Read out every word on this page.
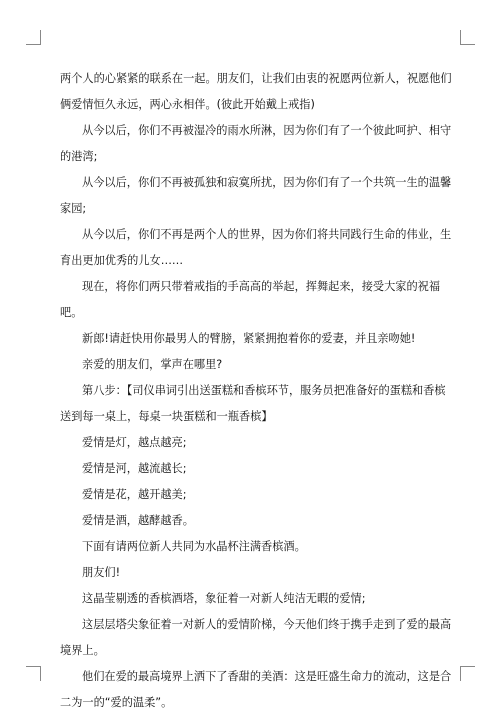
两个人的心紧紧的联系在一起。朋友们，让我们由衷的祝愿两位新人，祝愿他们俩爱情恒久永远，两心永相伴。(彼此开始戴上戒指)

从今以后，你们不再被湿冷的雨水所淋，因为你们有了一个彼此呵护、相守的港湾;

从今以后，你们不再被孤独和寂寞所扰，因为你们有了一个共筑一生的温馨家园;

从今以后，你们不再是两个人的世界，因为你们将共同践行生命的伟业，生育出更加优秀的儿女……

现在，将你们两只带着戒指的手高高的举起，挥舞起来，接受大家的祝福吧。

新郎!请赶快用你最男人的臂膀，紧紧拥抱着你的爱妻，并且亲吻她!

亲爱的朋友们，掌声在哪里?

第八步：【司仪串词引出送蛋糕和香槟环节，服务员把准备好的蛋糕和香槟送到每一桌上，每桌一块蛋糕和一瓶香槟】

爱情是灯，越点越亮;

爱情是河，越流越长;

爱情是花，越开越美;

爱情是酒，越酵越香。

下面有请两位新人共同为水晶杯注满香槟酒。

朋友们!

这晶莹剔透的香槟酒塔，象征着一对新人纯洁无暇的爱情;

这层层塔尖象征着一对新人的爱情阶梯，今天他们终于携手走到了爱的最高境界上。

他们在爱的最高境界上洒下了香甜的美酒：这是旺盛生命力的流动，这是合二为一的“爱的温柔”。
